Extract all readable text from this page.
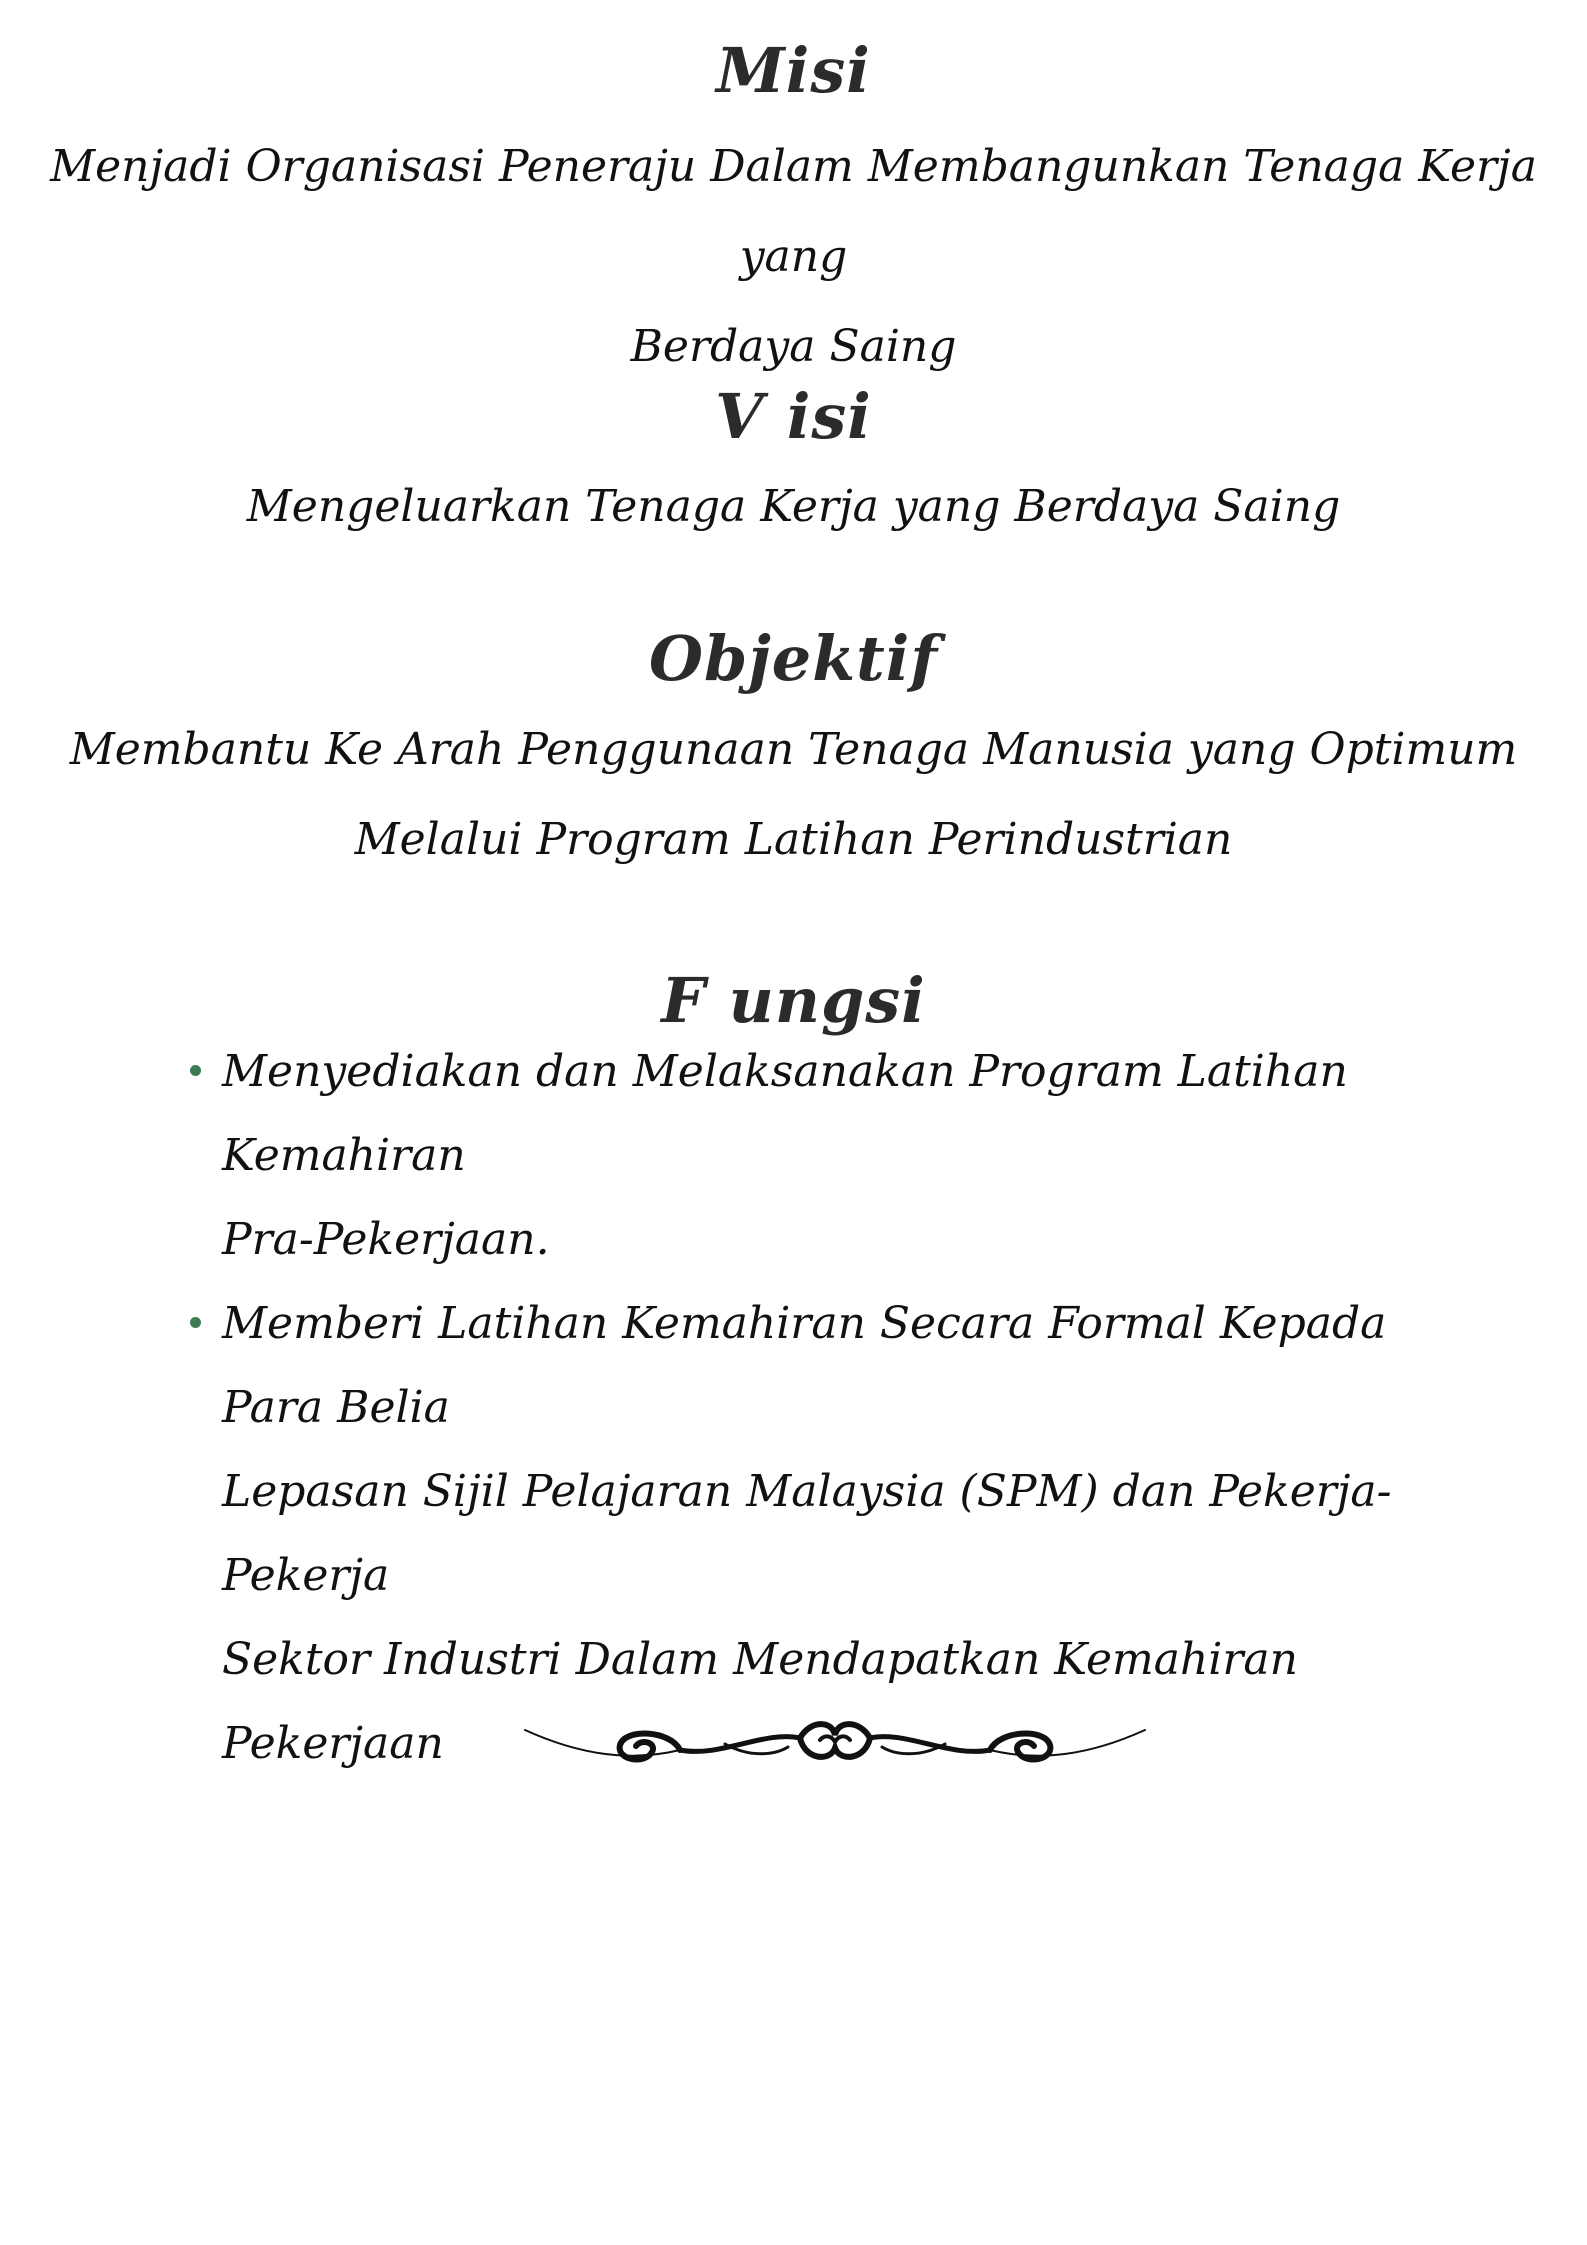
Misi
Menjadi Organisasi Peneraju Dalam Membangunkan Tenaga Kerja yang
Berdaya Saing
V isi
Mengeluarkan Tenaga Kerja yang Berdaya Saing
Objektif
Membantu Ke Arah Penggunaan Tenaga Manusia yang Optimum
Melalui Program Latihan Perindustrian
F ungsi
Menyediakan dan Melaksanakan Program Latihan Kemahiran
Pra-Pekerjaan.
Memberi Latihan Kemahiran Secara Formal Kepada Para Belia
Lepasan Sijil Pelajaran Malaysia (SPM) dan Pekerja- Pekerja
Sektor Industri Dalam Mendapatkan Kemahiran Pekerjaan
